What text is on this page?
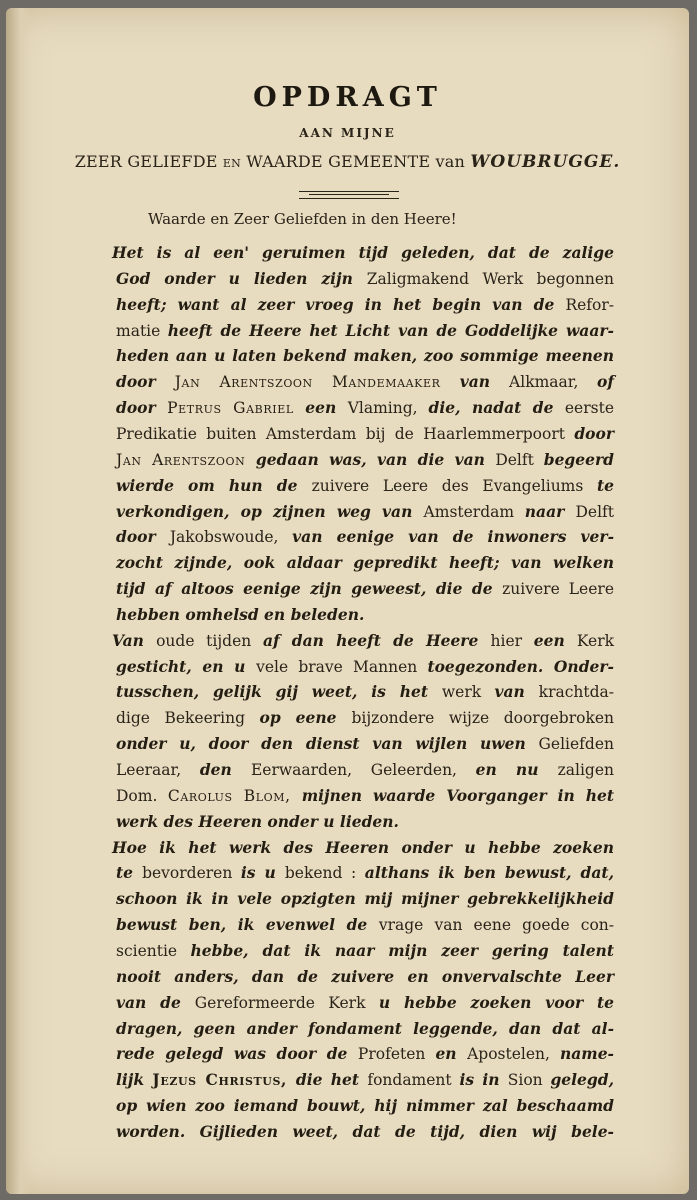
OPDRAGT
AAN MIJNE
ZEER GELIEFDE EN WAARDE GEMEENTE van WOUBRUGGE.
Waarde en Zeer Geliefden in den Heere!
Het is al een' geruimen tijd geleden, dat de zalige
God onder u lieden zijn Zaligmakend Werk begonnen
heeft; want al zeer vroeg in het begin van de Refor-
matie heeft de Heere het Licht van de Goddelijke waar-
heden aan u laten bekend maken, zoo sommige meenen
door Jan Arentszoon Mandemaaker van Alkmaar, of
door Petrus Gabriel een Vlaming, die, nadat de eerste
Predikatie buiten Amsterdam bij de Haarlemmerpoort door
Jan Arentszoon gedaan was, van die van Delft begeerd
wierde om hun de zuivere Leere des Evangeliums te
verkondigen, op zijnen weg van Amsterdam naar Delft
door Jakobswoude, van eenige van de inwoners ver-
zocht zijnde, ook aldaar gepredikt heeft; van welken
tijd af altoos eenige zijn geweest, die de zuivere Leere
hebben omhelsd en beleden.
Van oude tijden af dan heeft de Heere hier een Kerk
gesticht, en u vele brave Mannen toegezonden. Onder-
tusschen, gelijk gij weet, is het werk van krachtda-
dige Bekeering op eene bijzondere wijze doorgebroken
onder u, door den dienst van wijlen uwen Geliefden
Leeraar, den Eerwaarden, Geleerden, en nu zaligen
Dom. Carolus Blom, mijnen waarde Voorganger in het
werk des Heeren onder u lieden.
Hoe ik het werk des Heeren onder u hebbe zoeken
te bevorderen is u bekend : althans ik ben bewust, dat,
schoon ik in vele opzigten mij mijner gebrekkelijkheid
bewust ben, ik evenwel de vrage van eene goede con-
scientie hebbe, dat ik naar mijn zeer gering talent
nooit anders, dan de zuivere en onvervalschte Leer
van de Gereformeerde Kerk u hebbe zoeken voor te
dragen, geen ander fondament leggende, dan dat al-
rede gelegd was door de Profeten en Apostelen, name-
lijk Jezus Christus, die het fondament is in Sion gelegd,
op wien zoo iemand bouwt, hij nimmer zal beschaamd
worden. Gijlieden weet, dat de tijd, dien wij bele-
